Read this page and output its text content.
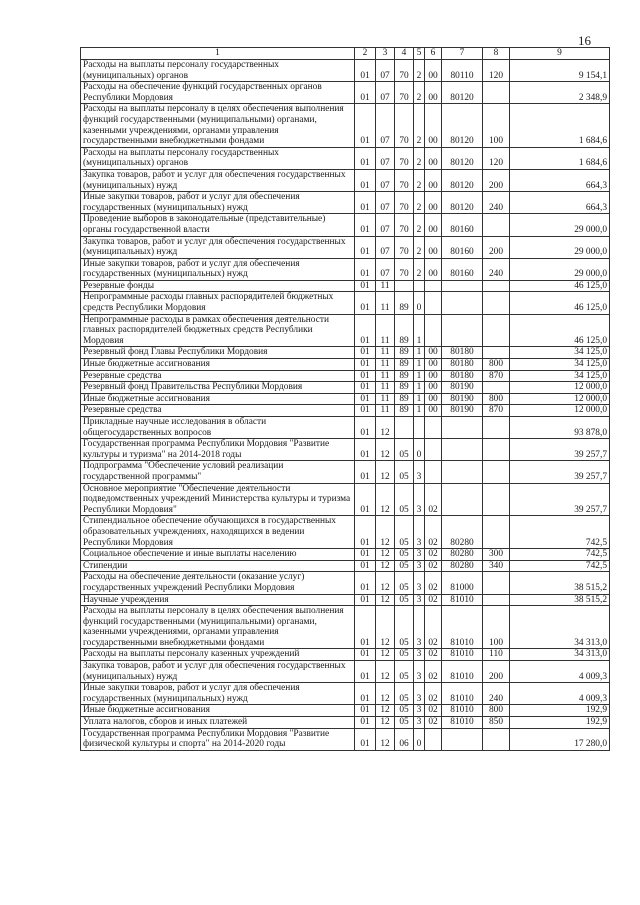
16
1	2	3	4	5	6	7	8	9
Расходы на выплаты персоналу государственных (муниципальных) органов	01	07	70	2	00	80110	120	9 154,1
Расходы на обеспечение функций государственных органов Республики Мордовия	01	07	70	2	00	80120		2 348,9
Расходы на выплаты персоналу в целях обеспечения выполнения функций государственными (муниципальными) органами, казенными учреждениями, органами управления государственными внебюджетными фондами	01	07	70	2	00	80120	100	1 684,6
Расходы на выплаты персоналу государственных (муниципальных) органов	01	07	70	2	00	80120	120	1 684,6
Закупка товаров, работ и услуг для обеспечения государственных (муниципальных) нужд	01	07	70	2	00	80120	200	664,3
Иные закупки товаров, работ и услуг для обеспечения государственных (муниципальных) нужд	01	07	70	2	00	80120	240	664,3
Проведение выборов в законодательные (представительные) органы государственной власти	01	07	70	2	00	80160		29 000,0
Закупка товаров, работ и услуг для обеспечения государственных (муниципальных) нужд	01	07	70	2	00	80160	200	29 000,0
Иные закупки товаров, работ и услуг для обеспечения государственных (муниципальных) нужд	01	07	70	2	00	80160	240	29 000,0
Резервные фонды	01	11						46 125,0
Непрограммные расходы главных распорядителей бюджетных средств Республики Мордовия	01	11	89	0				46 125,0
Непрограммные расходы в рамках обеспечения деятельности главных распорядителей бюджетных средств Республики Мордовия	01	11	89	1				46 125,0
Резервный фонд Главы Республики Мордовия	01	11	89	1	00	80180		34 125,0
Иные бюджетные ассигнования	01	11	89	1	00	80180	800	34 125,0
Резервные средства	01	11	89	1	00	80180	870	34 125,0
Резервный фонд Правительства Республики Мордовия	01	11	89	1	00	80190		12 000,0
Иные бюджетные ассигнования	01	11	89	1	00	80190	800	12 000,0
Резервные средства	01	11	89	1	00	80190	870	12 000,0
Прикладные научные исследования в области общегосударственных вопросов	01	12						93 878,0
Государственная программа Республики Мордовия "Развитие культуры и туризма" на 2014-2018 годы	01	12	05	0				39 257,7
Подпрограмма "Обеспечение условий реализации государственной программы"	01	12	05	3				39 257,7
Основное мероприятие "Обеспечение деятельности подведомственных учреждений Министерства культуры и туризма Республики Мордовия"	01	12	05	3	02			39 257,7
Стипендиальное обеспечение обучающихся в государственных образовательных учреждениях, находящихся в ведении Республики Мордовия	01	12	05	3	02	80280		742,5
Социальное обеспечение и иные выплаты населению	01	12	05	3	02	80280	300	742,5
Стипендии	01	12	05	3	02	80280	340	742,5
Расходы на обеспечение деятельности (оказание услуг) государственных учреждений Республики Мордовия	01	12	05	3	02	81000		38 515,2
Научные учреждения	01	12	05	3	02	81010		38 515,2
Расходы на выплаты персоналу в целях обеспечения выполнения функций государственными (муниципальными) органами, казенными учреждениями, органами управления государственными внебюджетными фондами	01	12	05	3	02	81010	100	34 313,0
Расходы на выплаты персоналу казенных учреждений	01	12	05	3	02	81010	110	34 313,0
Закупка товаров, работ и услуг для обеспечения государственных (муниципальных) нужд	01	12	05	3	02	81010	200	4 009,3
Иные закупки товаров, работ и услуг для обеспечения государственных (муниципальных) нужд	01	12	05	3	02	81010	240	4 009,3
Иные бюджетные ассигнования	01	12	05	3	02	81010	800	192,9
Уплата налогов, сборов и иных платежей	01	12	05	3	02	81010	850	192,9
Государственная программа Республики Мордовия "Развитие физической культуры и спорта" на 2014-2020 годы	01	12	06	0				17 280,0
